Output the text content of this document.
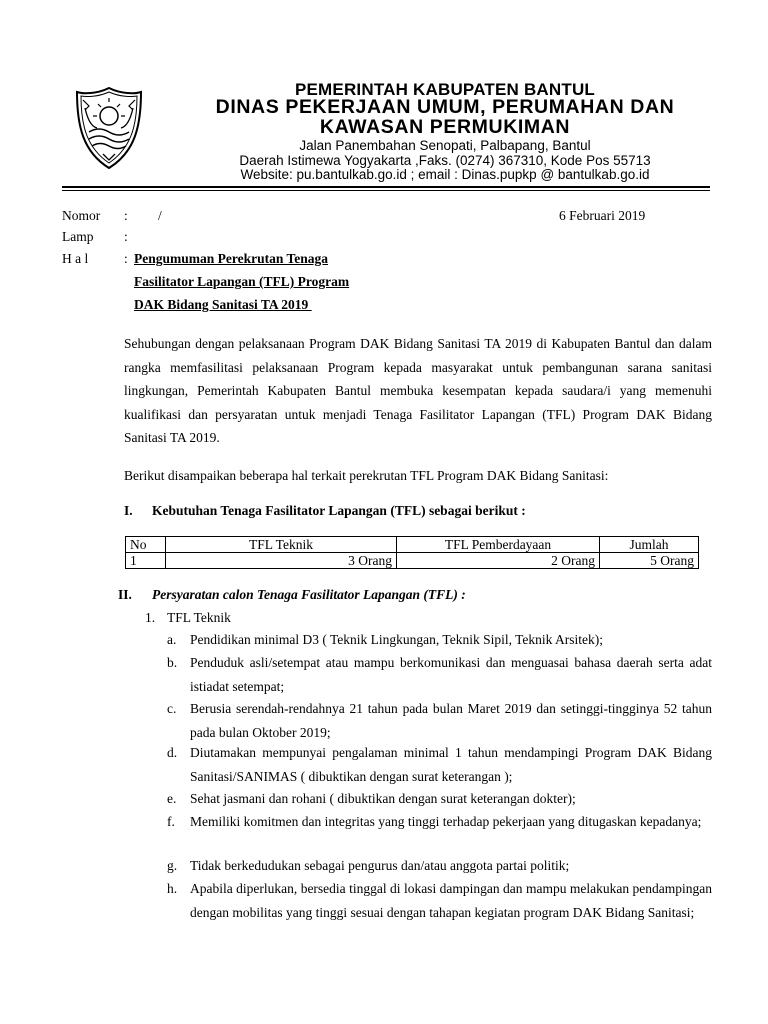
PEMERINTAH KABUPATEN BANTUL
DINAS PEKERJAAN UMUM, PERUMAHAN DAN
KAWASAN PERMUKIMAN
Jalan Panembahan Senopati, Palbapang, Bantul
Daerah Istimewa Yogyakarta ,Faks. (0274) 367310, Kode Pos 55713
Website: pu.bantulkab.go.id ; email : Dinas.pupkp @ bantulkab.go.id
Nomor : /	6 Februari 2019
Lamp :
H a l	: Pengumuman Perekrutan Tenaga
Fasilitator Lapangan (TFL) Program
DAK Bidang Sanitasi TA 2019
Sehubungan dengan pelaksanaan Program DAK Bidang Sanitasi TA 2019 di Kabupaten Bantul dan dalam rangka memfasilitasi pelaksanaan Program kepada masyarakat untuk pembangunan sarana sanitasi lingkungan, Pemerintah Kabupaten Bantul membuka kesempatan kepada saudara/i yang memenuhi kualifikasi dan persyaratan untuk menjadi Tenaga Fasilitator Lapangan (TFL) Program DAK Bidang Sanitasi TA 2019.
Berikut disampaikan beberapa hal terkait perekrutan TFL Program DAK Bidang Sanitasi:
I. Kebutuhan Tenaga Fasilitator Lapangan (TFL) sebagai berikut :
No	TFL Teknik	TFL Pemberdayaan	Jumlah
1	3 Orang	2 Orang	5 Orang
II. Persyaratan calon Tenaga Fasilitator Lapangan (TFL) :
1. TFL Teknik
a.	Pendidikan minimal D3 ( Teknik Lingkungan, Teknik Sipil, Teknik Arsitek);
b. Penduduk asli/setempat atau mampu berkomunikasi dan menguasai bahasa daerah serta adat istiadat setempat;
c.	Berusia serendah-rendahnya 21 tahun pada bulan Maret 2019 dan setinggi-tingginya 52 tahun pada bulan Oktober 2019;
d. Diutamakan mempunyai pengalaman minimal 1 tahun mendampingi Program DAK Bidang Sanitasi/SANIMAS ( dibuktikan dengan surat keterangan );
e.	Sehat jasmani dan rohani ( dibuktikan dengan surat keterangan dokter);
f.	Memiliki komitmen dan integritas yang tinggi terhadap pekerjaan yang ditugaskan kepadanya;
g. Tidak berkedudukan sebagai pengurus dan/atau anggota partai politik;
h. Apabila diperlukan, bersedia tinggal di lokasi dampingan dan mampu melakukan pendampingan dengan mobilitas yang tinggi sesuai dengan tahapan kegiatan program DAK Bidang Sanitasi;
